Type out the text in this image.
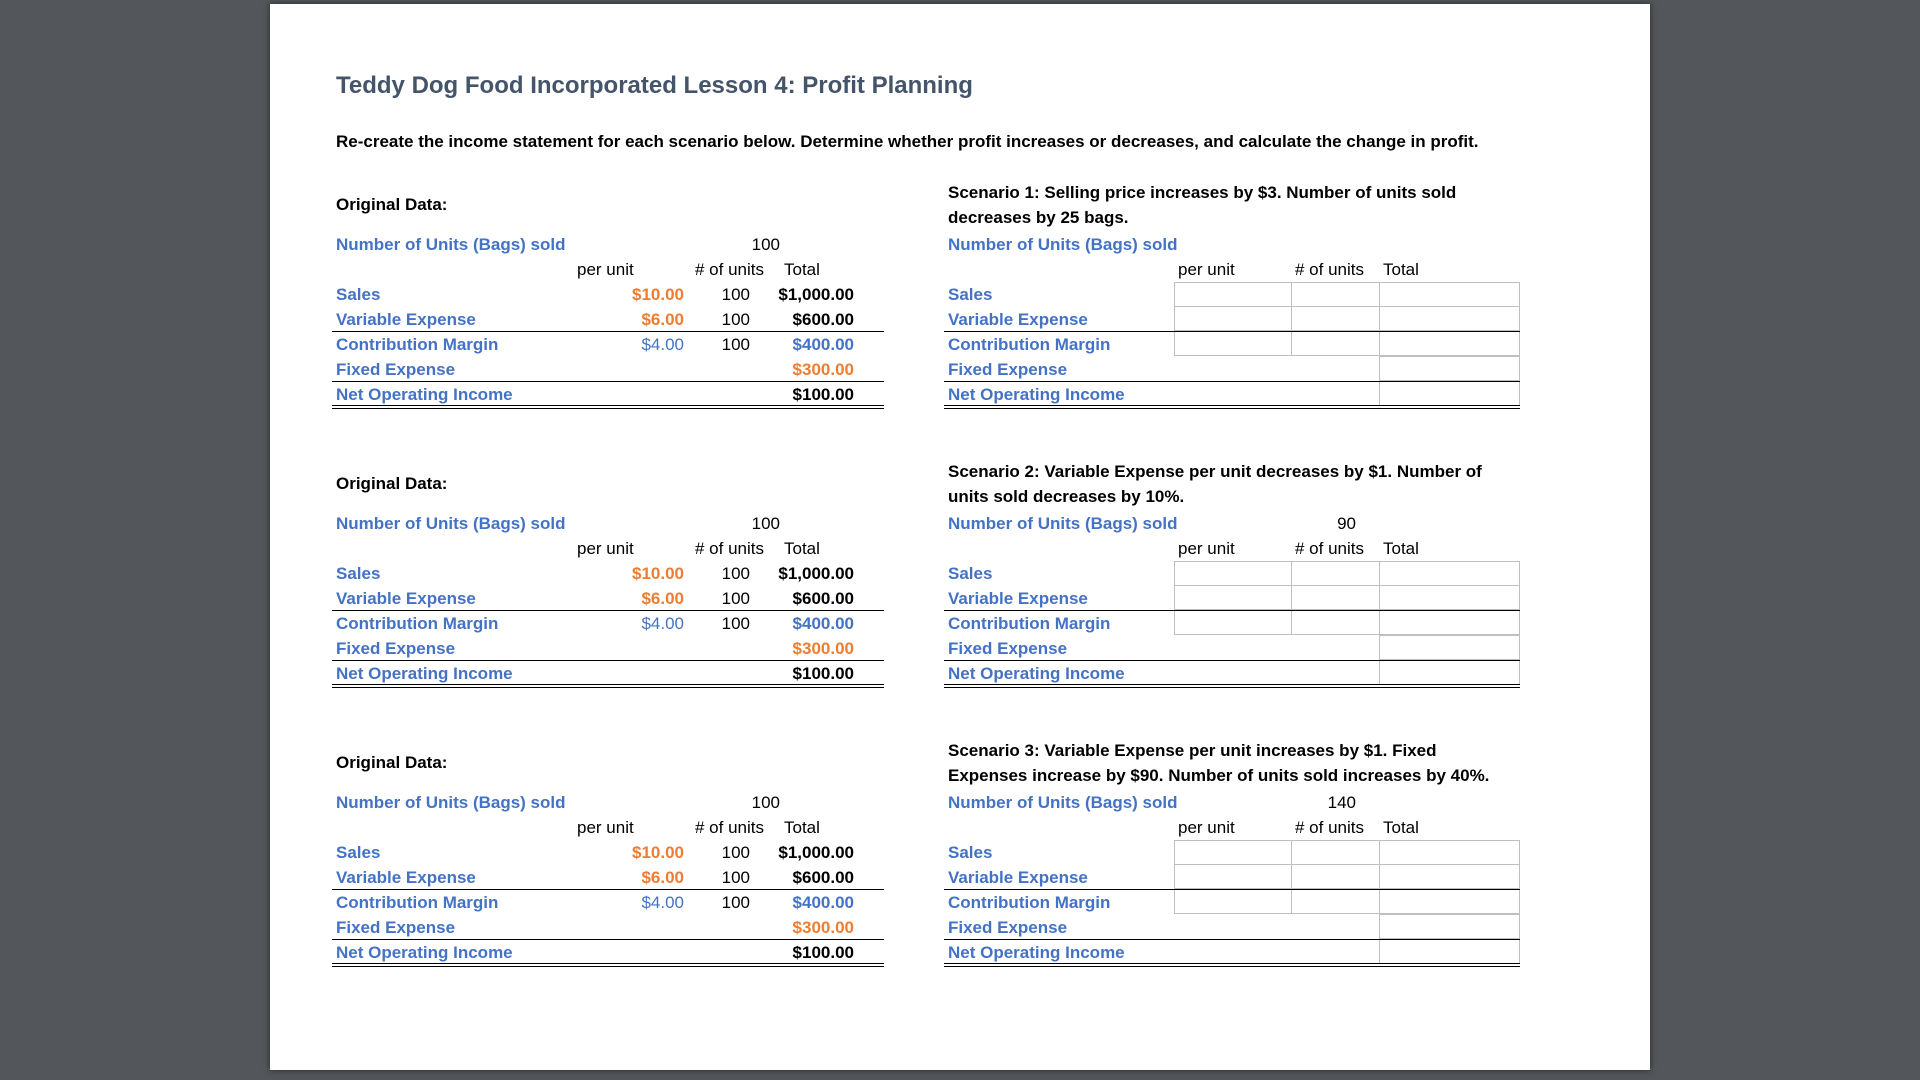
Teddy Dog Food Incorporated Lesson 4: Profit Planning
Re-create the income statement for each scenario below. Determine whether profit increases or decreases, and calculate the change in profit.
Original Data:
Number of Units (Bags) sold	100
per unit	# of units Total
Sales	$10.00	100	$1,000.00
Variable Expense	$6.00	100	$600.00
Contribution Margin	$4.00	100	$400.00
Fixed Expense	$300.00
Net Operating Income	$100.00
Scenario 1: Selling price increases by $3. Number of units sold decreases by 25 bags.
Number of Units (Bags) sold
per unit	# of units Total
Sales
Variable Expense
Contribution Margin
Fixed Expense
Net Operating Income
Original Data:
Number of Units (Bags) sold	100
per unit	# of units Total
Sales	$10.00	100	$1,000.00
Variable Expense	$6.00	100	$600.00
Contribution Margin	$4.00	100	$400.00
Fixed Expense	$300.00
Net Operating Income	$100.00
Scenario 2: Variable Expense per unit decreases by $1. Number of units sold decreases by 10%.
Number of Units (Bags) sold	90
per unit	# of units Total
Sales
Variable Expense
Contribution Margin
Fixed Expense
Net Operating Income
Original Data:
Number of Units (Bags) sold	100
per unit	# of units Total
Sales	$10.00	100	$1,000.00
Variable Expense	$6.00	100	$600.00
Contribution Margin	$4.00	100	$400.00
Fixed Expense	$300.00
Net Operating Income	$100.00
Scenario 3: Variable Expense per unit increases by $1. Fixed Expenses increase by $90. Number of units sold increases by 40%.
Number of Units (Bags) sold	140
per unit	# of units Total
Sales
Variable Expense
Contribution Margin
Fixed Expense
Net Operating Income
